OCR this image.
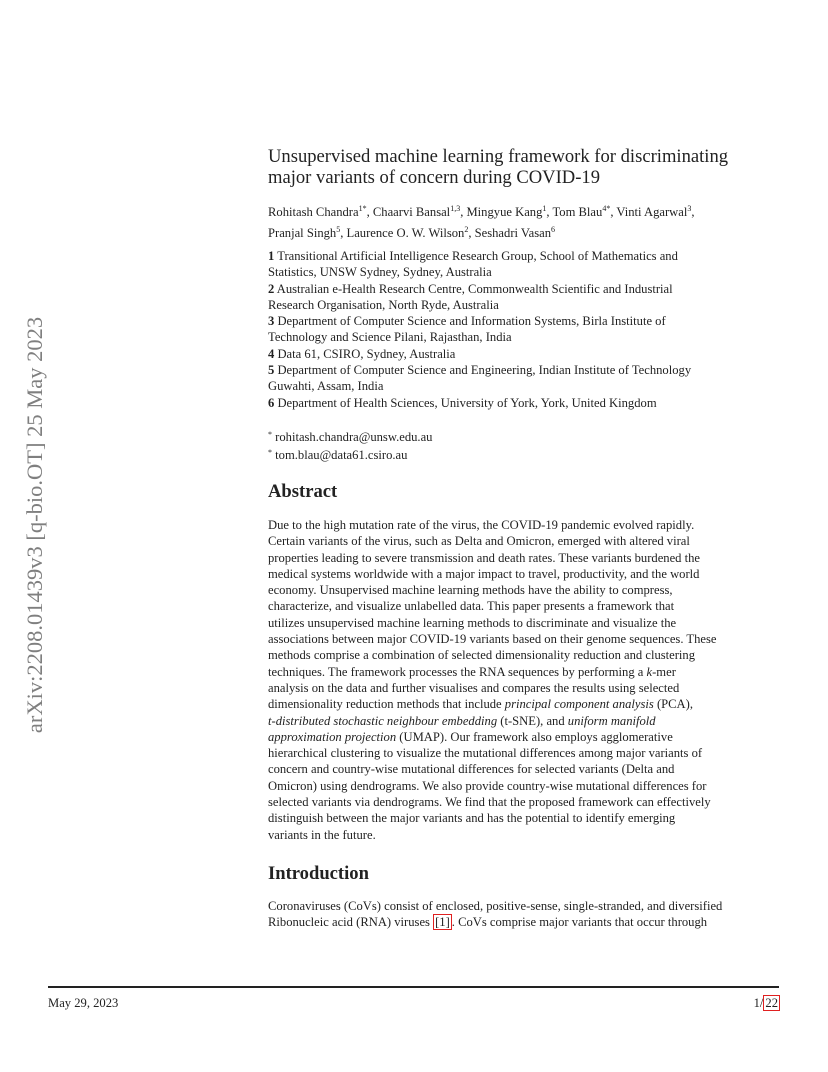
arXiv:2208.01439v3 [q-bio.OT] 25 May 2023
Unsupervised machine learning framework for discriminating
major variants of concern during COVID-19
Rohitash Chandra$^{1*}$, Chaarvi Bansal$^{1,3}$, Mingyue Kang$^1$, Tom Blau$^{4*}$, Vinti Agarwal$^3$,
Pranjal Singh$^5$, Laurence O. W. Wilson$^2$, Seshadri Vasan$^6$
1 Transitional Artificial Intelligence Research Group, School of Mathematics and
Statistics, UNSW Sydney, Sydney, Australia
2 Australian e-Health Research Centre, Commonwealth Scientific and Industrial
Research Organisation, North Ryde, Australia
3 Department of Computer Science and Information Systems, Birla Institute of
Technology and Science Pilani, Rajasthan, India
4 Data 61, CSIRO, Sydney, Australia
5 Department of Computer Science and Engineering, Indian Institute of Technology
Guwahti, Assam, India
6 Department of Health Sciences, University of York, York, United Kingdom
* rohitash.chandra@unsw.edu.au
* tom.blau@data61.csiro.au
Abstract

Due to the high mutation rate of the virus, the COVID-19 pandemic evolved rapidly.
Certain variants of the virus, such as Delta and Omicron, emerged with altered viral
properties leading to severe transmission and death rates. These variants burdened the
medical systems worldwide with a major impact to travel, productivity, and the world
economy. Unsupervised machine learning methods have the ability to compress,
characterize, and visualize unlabelled data. This paper presents a framework that
utilizes unsupervised machine learning methods to discriminate and visualize the
associations between major COVID-19 variants based on their genome sequences. These
methods comprise a combination of selected dimensionality reduction and clustering
techniques. The framework processes the RNA sequences by performing a k-mer
analysis on the data and further visualises and compares the results using selected
dimensionality reduction methods that include principal component analysis (PCA),
t-distributed stochastic neighbour embedding (t-SNE), and uniform manifold
approximation projection (UMAP). Our framework also employs agglomerative
hierarchical clustering to visualize the mutational differences among major variants of
concern and country-wise mutational differences for selected variants (Delta and
Omicron) using dendrograms. We also provide country-wise mutational differences for
selected variants via dendrograms. We find that the proposed framework can effectively
distinguish between the major variants and has the potential to identify emerging
variants in the future.

Introduction

Coronaviruses (CoVs) consist of enclosed, positive-sense, single-stranded, and diversified
Ribonucleic acid (RNA) viruses [1] . CoVs comprise major variants that occur through

May 29, 2023	1/ 22
